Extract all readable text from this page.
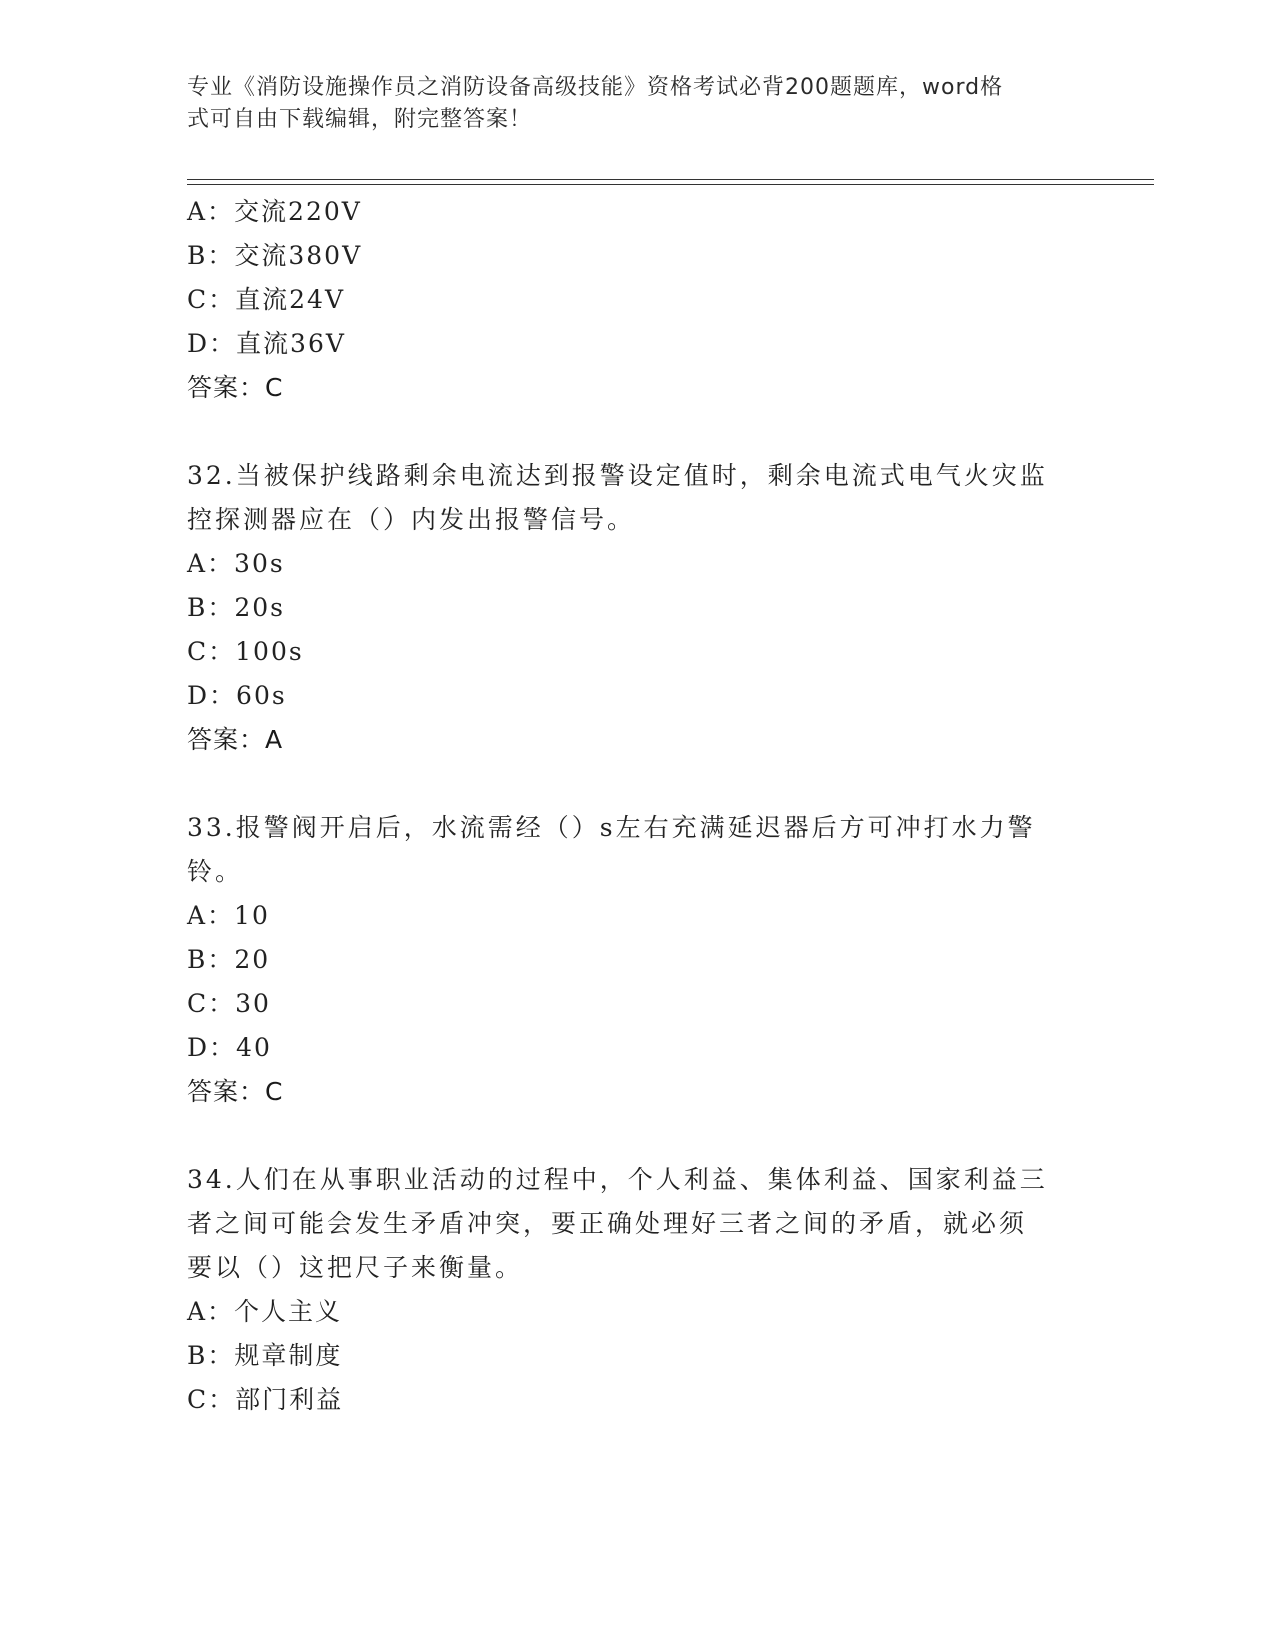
专业《消防设施操作员之消防设备高级技能》资格考试必背200题题库，word格
式可自由下载编辑，附完整答案！
A：交流220V
B：交流380V
C：直流24V
D：直流36V
答案：C
32.当被保护线路剩余电流达到报警设定值时，剩余电流式电气火灾监
控探测器应在（）内发出报警信号。
A：30s
B：20s
C：100s
D：60s
答案：A
33.报警阀开启后，水流需经（）s左右充满延迟器后方可冲打水力警
铃。
A：10
B：20
C：30
D：40
答案：C
34.人们在从事职业活动的过程中，个人利益、集体利益、国家利益三
者之间可能会发生矛盾冲突，要正确处理好三者之间的矛盾，就必须
要以（）这把尺子来衡量。
A：个人主义
B：规章制度
C：部门利益
